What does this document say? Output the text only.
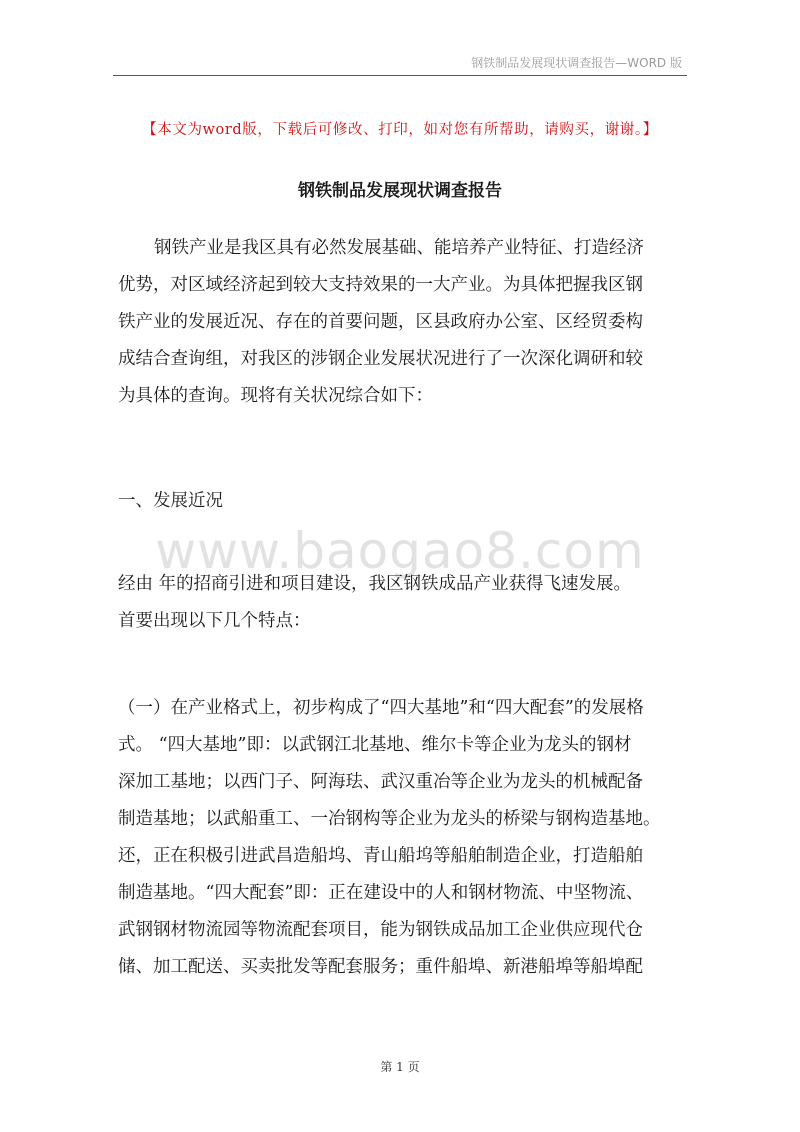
钢铁制品发展现状调查报告—WORD 版
【本文为word版，下载后可修改、打印，如对您有所帮助，请购买，谢谢。】
钢铁制品发展现状调查报告
钢铁产业是我区具有必然发展基础、能培养产业特征、打造经济
优势，对区域经济起到较大支持效果的一大产业。为具体把握我区钢
铁产业的发展近况、存在的首要问题，区县政府办公室、区经贸委构
成结合查询组，对我区的涉钢企业发展状况进行了一次深化调研和较
为具体的查询。现将有关状况综合如下：
一、发展近况
www.baogao8.com
经由 年的招商引进和项目建设，我区钢铁成品产业获得飞速发展。
首要出现以下几个特点：
（一）在产业格式上，初步构成了“四大基地”和“四大配套”的发展格
式。 “四大基地”即：以武钢江北基地、维尔卡等企业为龙头的钢材
深加工基地；以西门子、阿海珐、武汉重冶等企业为龙头的机械配备
制造基地；以武船重工、一冶钢构等企业为龙头的桥梁与钢构造基地。
还，正在积极引进武昌造船坞、青山船坞等船舶制造企业，打造船舶
制造基地。“四大配套”即：正在建设中的人和钢材物流、中坚物流、
武钢钢材物流园等物流配套项目，能为钢铁成品加工企业供应现代仓
储、加工配送、买卖批发等配套服务；重件船埠、新港船埠等船埠配
第 1 页
